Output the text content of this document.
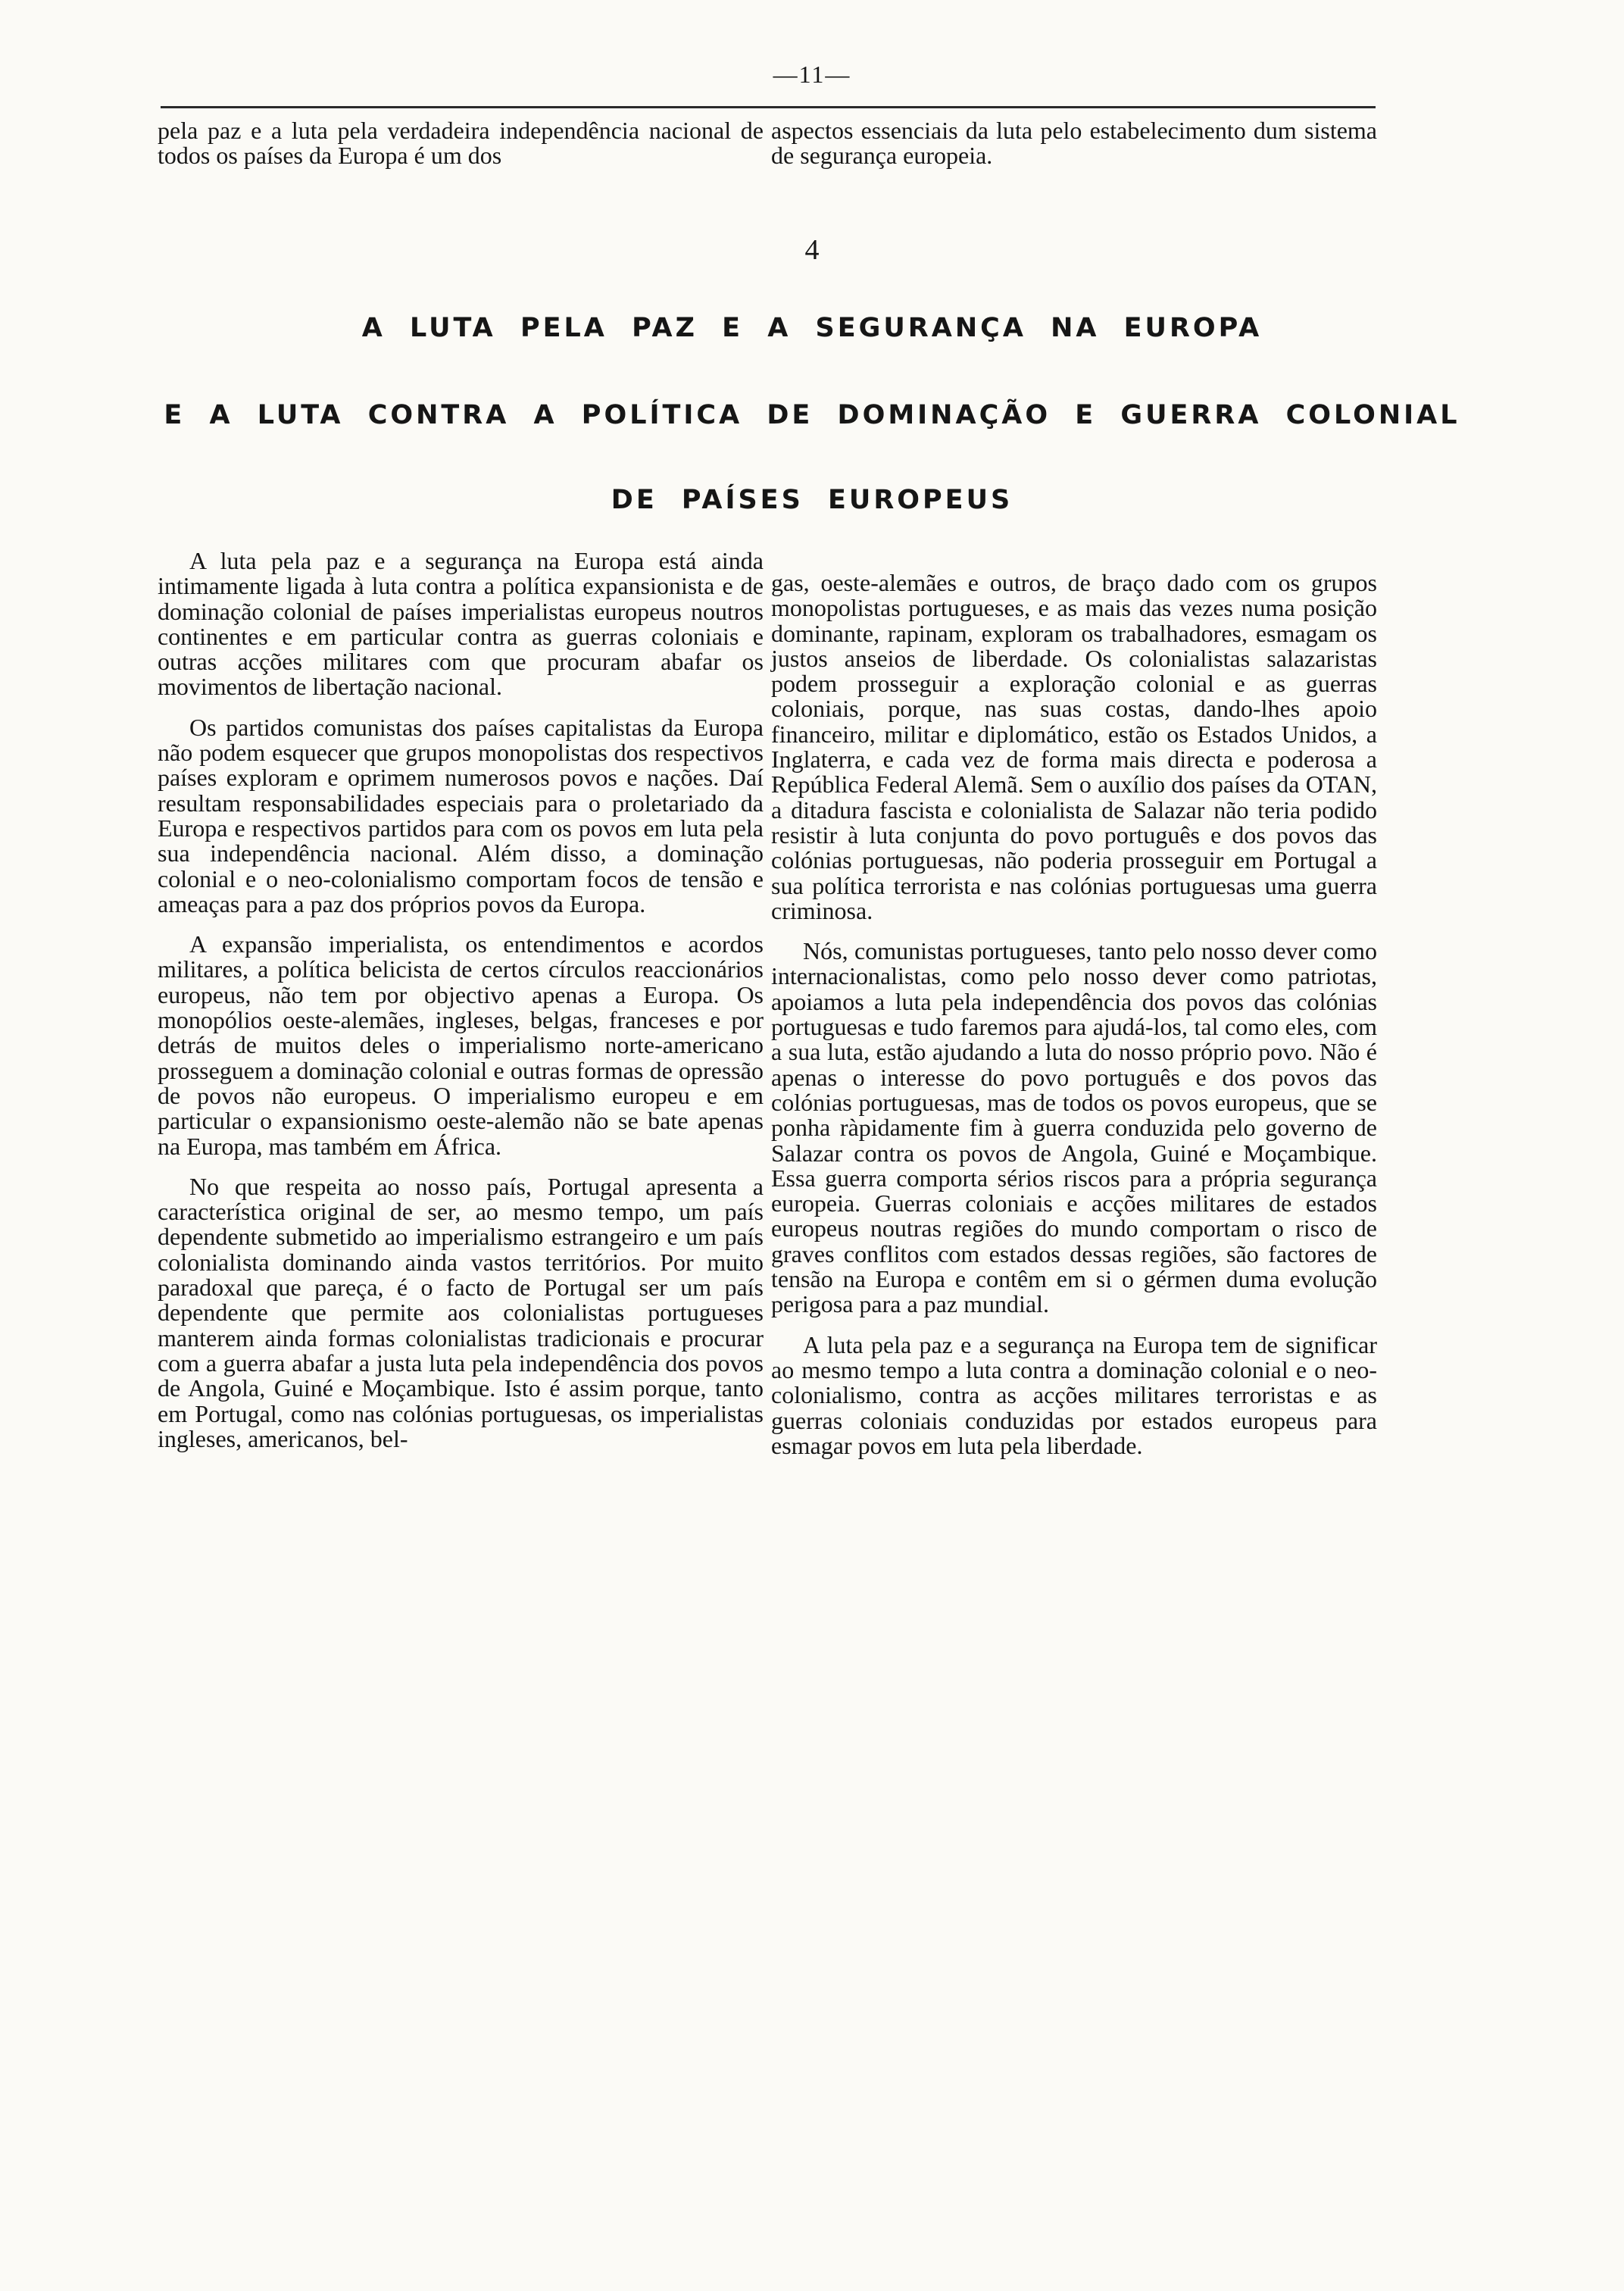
—11—

pela paz e a luta pela verdadeira independência nacional de todos os países da Europa é um dos

aspectos essenciais da luta pelo estabelecimento dum sistema de segurança europeia.

4
A LUTA PELA PAZ E A SEGURANÇA NA EUROPA
E A LUTA CONTRA A POLÍTICA DE DOMINAÇÃO E GUERRA COLONIAL
DE PAÍSES EUROPEUS

A luta pela paz e a segurança na Europa está ainda intimamente ligada à luta contra a política expansionista e de dominação colonial de países imperialistas europeus noutros continentes e em particular contra as guerras coloniais e outras acções militares com que procuram abafar os movimentos de libertação nacional.

Os partidos comunistas dos países capitalistas da Europa não podem esquecer que grupos monopolistas dos respectivos países exploram e oprimem numerosos povos e nações. Daí resultam responsabilidades especiais para o proletariado da Europa e respectivos partidos para com os povos em luta pela sua independência nacional. Além disso, a dominação colonial e o neo-colonialismo comportam focos de tensão e ameaças para a paz dos próprios povos da Europa.

A expansão imperialista, os entendimentos e acordos militares, a política belicista de certos círculos reaccionários europeus, não tem por objectivo apenas a Europa. Os monopólios oeste-alemães, ingleses, belgas, franceses e por detrás de muitos deles o imperialismo norte-americano prosseguem a dominação colonial e outras formas de opressão de povos não europeus. O imperialismo europeu e em particular o expansionismo oeste-alemão não se bate apenas na Europa, mas também em África.

No que respeita ao nosso país, Portugal apresenta a característica original de ser, ao mesmo tempo, um país dependente submetido ao imperialismo estrangeiro e um país colonialista dominando ainda vastos territórios. Por muito paradoxal que pareça, é o facto de Portugal ser um país dependente que permite aos colonialistas portugueses manterem ainda formas colonialistas tradicionais e procurar com a guerra abafar a justa luta pela independência dos povos de Angola, Guiné e Moçambique. Isto é assim porque, tanto em Portugal, como nas colónias portuguesas, os imperialistas ingleses, americanos, bel-

gas, oeste-alemães e outros, de braço dado com os grupos monopolistas portugueses, e as mais das vezes numa posição dominante, rapinam, exploram os trabalhadores, esmagam os justos anseios de liberdade. Os colonialistas salazaristas podem prosseguir a exploração colonial e as guerras coloniais, porque, nas suas costas, dando-lhes apoio financeiro, militar e diplomático, estão os Estados Unidos, a Inglaterra, e cada vez de forma mais directa e poderosa a República Federal Alemã. Sem o auxílio dos países da OTAN, a ditadura fascista e colonialista de Salazar não teria podido resistir à luta conjunta do povo português e dos povos das colónias portuguesas, não poderia prosseguir em Portugal a sua política terrorista e nas colónias portuguesas uma guerra criminosa.

Nós, comunistas portugueses, tanto pelo nosso dever como internacionalistas, como pelo nosso dever como patriotas, apoiamos a luta pela independência dos povos das colónias portuguesas e tudo faremos para ajudá-los, tal como eles, com a sua luta, estão ajudando a luta do nosso próprio povo. Não é apenas o interesse do povo português e dos povos das colónias portuguesas, mas de todos os povos europeus, que se ponha ràpidamente fim à guerra conduzida pelo governo de Salazar contra os povos de Angola, Guiné e Moçambique. Essa guerra comporta sérios riscos para a própria segurança europeia. Guerras coloniais e acções militares de estados europeus noutras regiões do mundo comportam o risco de graves conflitos com estados dessas regiões, são factores de tensão na Europa e contêm em si o gérmen duma evolução perigosa para a paz mundial.

A luta pela paz e a segurança na Europa tem de significar ao mesmo tempo a luta contra a dominação colonial e o neo-colonialismo, contra as acções militares terroristas e as guerras coloniais conduzidas por estados europeus para esmagar povos em luta pela liberdade.
